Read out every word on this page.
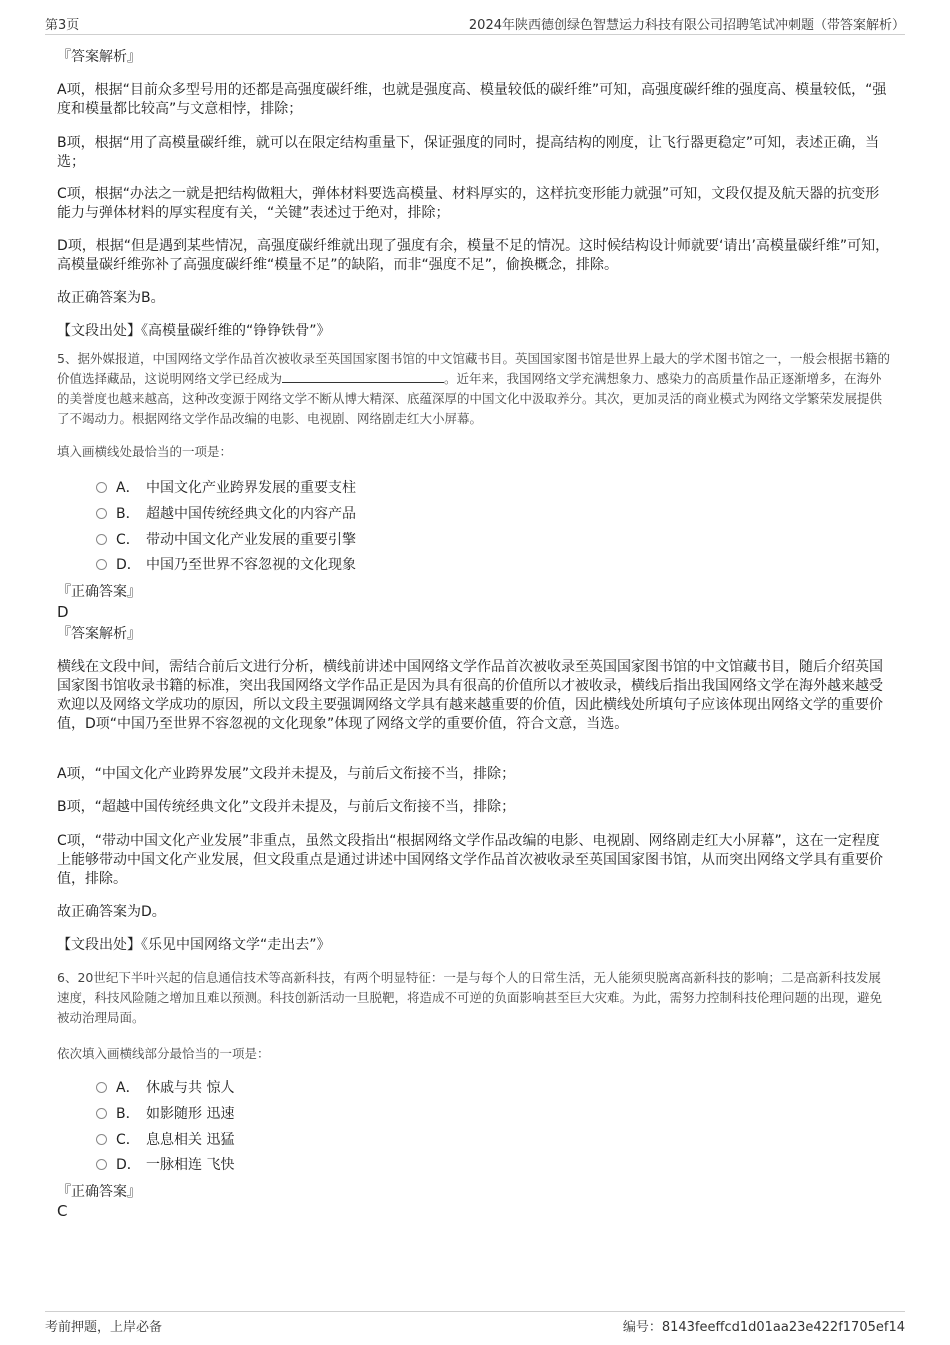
第3页	2024年陕西德创绿色智慧运力科技有限公司招聘笔试冲刺题（带答案解析）
『答案解析』

A项，根据“目前众多型号用的还都是高强度碳纤维，也就是强度高、模量较低的碳纤维”可知，高强度碳纤维的强度高、模量较低，“强度和模量都比较高”与文意相悖，排除；

B项，根据“用了高模量碳纤维，就可以在限定结构重量下，保证强度的同时，提高结构的刚度，让飞行器更稳定”可知，表述正确，当选；

C项，根据“办法之一就是把结构做粗大，弹体材料要选高模量、材料厚实的，这样抗变形能力就强”可知，文段仅提及航天器的抗变形能力与弹体材料的厚实程度有关，“关键”表述过于绝对，排除；

D项，根据“但是遇到某些情况，高强度碳纤维就出现了强度有余，模量不足的情况。这时候结构设计师就要‘请出’高模量碳纤维”可知，高模量碳纤维弥补了高强度碳纤维“模量不足”的缺陷，而非“强度不足”，偷换概念，排除。

故正确答案为B。

【文段出处】《高模量碳纤维的“铮铮铁骨”》

5、据外媒报道，中国网络文学作品首次被收录至英国国家图书馆的中文馆藏书目。英国国家图书馆是世界上最大的学术图书馆之一，一般会根据书籍的价值选择藏品，这说明网络文学已经成为	。近年来，我国网络文学充满想象力、感染力的高质量作品正逐渐增多，在海外的美誉度也越来越高，这种改变源于网络文学不断从博大精深、底蕴深厚的中国文化中汲取养分。其次，更加灵活的商业模式为网络文学繁荣发展提供了不竭动力。根据网络文学作品改编的电影、电视剧、网络剧走红大小屏幕。

填入画横线处最恰当的一项是：

A． 中国文化产业跨界发展的重要支柱
B． 超越中国传统经典文化的内容产品
C． 带动中国文化产业发展的重要引擎
D． 中国乃至世界不容忽视的文化现象
『正确答案』
D
『答案解析』

横线在文段中间，需结合前后文进行分析，横线前讲述中国网络文学作品首次被收录至英国国家图书馆的中文馆藏书目，随后介绍英国国家图书馆收录书籍的标准，突出我国网络文学作品正是因为具有很高的价值所以才被收录，横线后指出我国网络文学在海外越来越受欢迎以及网络文学成功的原因，所以文段主要强调网络文学具有越来越重要的价值，因此横线处所填句子应该体现出网络文学的重要价值，D项“中国乃至世界不容忽视的文化现象”体现了网络文学的重要价值，符合文意，当选。

A项，“中国文化产业跨界发展”文段并未提及，与前后文衔接不当，排除；

B项，“超越中国传统经典文化”文段并未提及，与前后文衔接不当，排除；

C项，“带动中国文化产业发展”非重点，虽然文段指出“根据网络文学作品改编的电影、电视剧、网络剧走红大小屏幕”，这在一定程度上能够带动中国文化产业发展，但文段重点是通过讲述中国网络文学作品首次被收录至英国国家图书馆，从而突出网络文学具有重要价值，排除。

故正确答案为D。

【文段出处】《乐见中国网络文学“走出去”》

6、20世纪下半叶兴起的信息通信技术等高新科技，有两个明显特征：一是与每个人的日常生活，无人能须臾脱离高新科技的影响；二是高新科技发展速度，科技风险随之增加且难以预测。科技创新活动一旦脱靶，将造成不可逆的负面影响甚至巨大灾难。为此，需努力控制科技伦理问题的出现，避免被动治理局面。

依次填入画横线部分最恰当的一项是：

A． 休戚与共 惊人
B． 如影随形 迅速
C． 息息相关 迅猛
D． 一脉相连 飞快
『正确答案』
C
考前押题，上岸必备	编号：8143feeffcd1d01aa23e422f1705ef14
